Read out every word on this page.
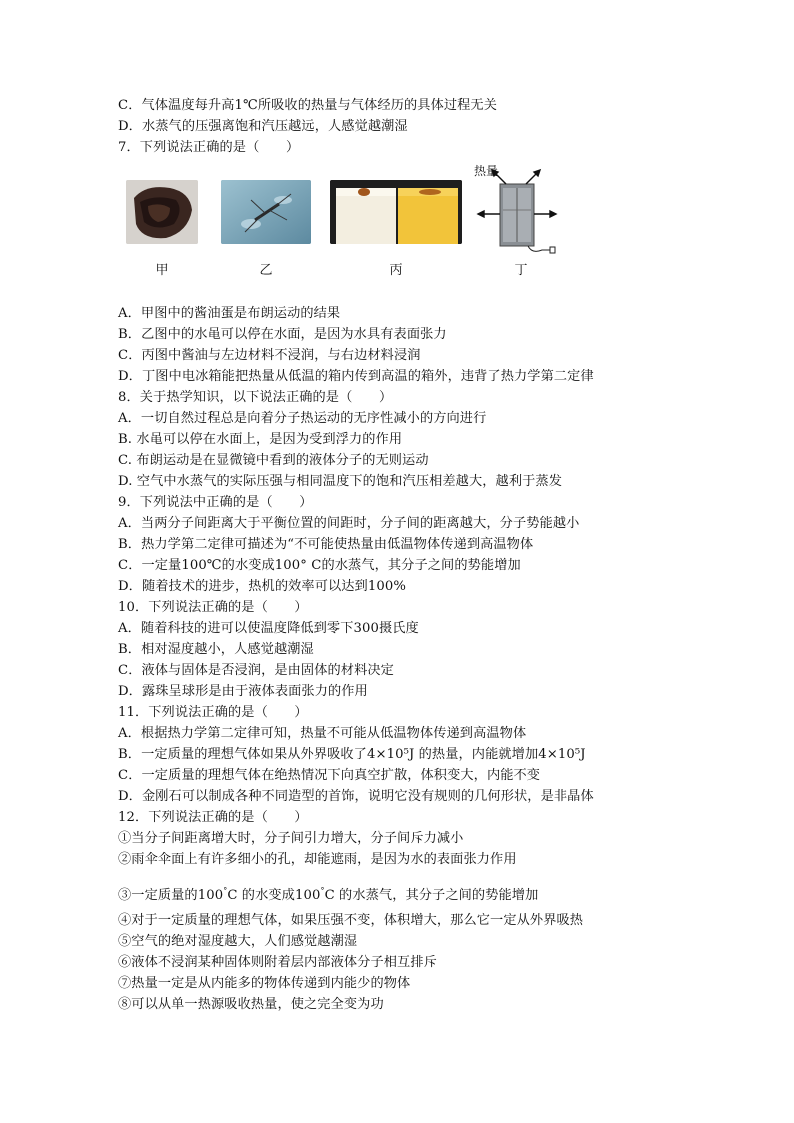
C．气体温度每升高1℃所吸收的热量与气体经历的具体过程无关
D．水蒸气的压强离饱和汽压越远，人感觉越潮湿
7．下列说法正确的是（　　）
热量
甲	乙	丙	丁
A．甲图中的酱油蛋是布朗运动的结果
B．乙图中的水黾可以停在水面，是因为水具有表面张力
C．丙图中酱油与左边材料不浸润，与右边材料浸润
D．丁图中电冰箱能把热量从低温的箱内传到高温的箱外，违背了热力学第二定律
8．关于热学知识，以下说法正确的是（　　）
A．一切自然过程总是向着分子热运动的无序性减小的方向进行
B. 水黾可以停在水面上，是因为受到浮力的作用
C. 布朗运动是在显微镜中看到的液体分子的无则运动
D. 空气中水蒸气的实际压强与相同温度下的饱和汽压相差越大，越利于蒸发
9．下列说法中正确的是（　　）
A．当两分子间距离大于平衡位置的间距时，分子间的距离越大，分子势能越小
B．热力学第二定律可描述为“不可能使热量由低温物体传递到高温物体
C．一定量100℃的水变成100° C的水蒸气，其分子之间的势能增加
D．随着技术的进步，热机的效率可以达到100%
10．下列说法正确的是（　　）
A．随着科技的进可以使温度降低到零下300摄氏度
B．相对湿度越小，人感觉越潮湿
C．液体与固体是否浸润，是由固体的材料决定
D．露珠呈球形是由于液体表面张力的作用
11．下列说法正确的是（　　）
A．根据热力学第二定律可知，热量不可能从低温物体传递到高温物体
B．一定质量的理想气体如果从外界吸收了4×10⁵J 的热量，内能就增加4×10⁵J
C．一定质量的理想气体在绝热情况下向真空扩散，体积变大，内能不变
D．金刚石可以制成各种不同造型的首饰，说明它没有规则的几何形状，是非晶体
12．下列说法正确的是（　　）
①当分子间距离增大时，分子间引力增大，分子间斥力减小
②雨伞伞面上有许多细小的孔，却能遮雨，是因为水的表面张力作用
③一定质量的100°C 的水变成100°C 的水蒸气，其分子之间的势能增加
④对于一定质量的理想气体，如果压强不变，体积增大，那么它一定从外界吸热
⑤空气的绝对湿度越大，人们感觉越潮湿
⑥液体不浸润某种固体则附着层内部液体分子相互排斥
⑦热量一定是从内能多的物体传递到内能少的物体
⑧可以从单一热源吸收热量，使之完全变为功
